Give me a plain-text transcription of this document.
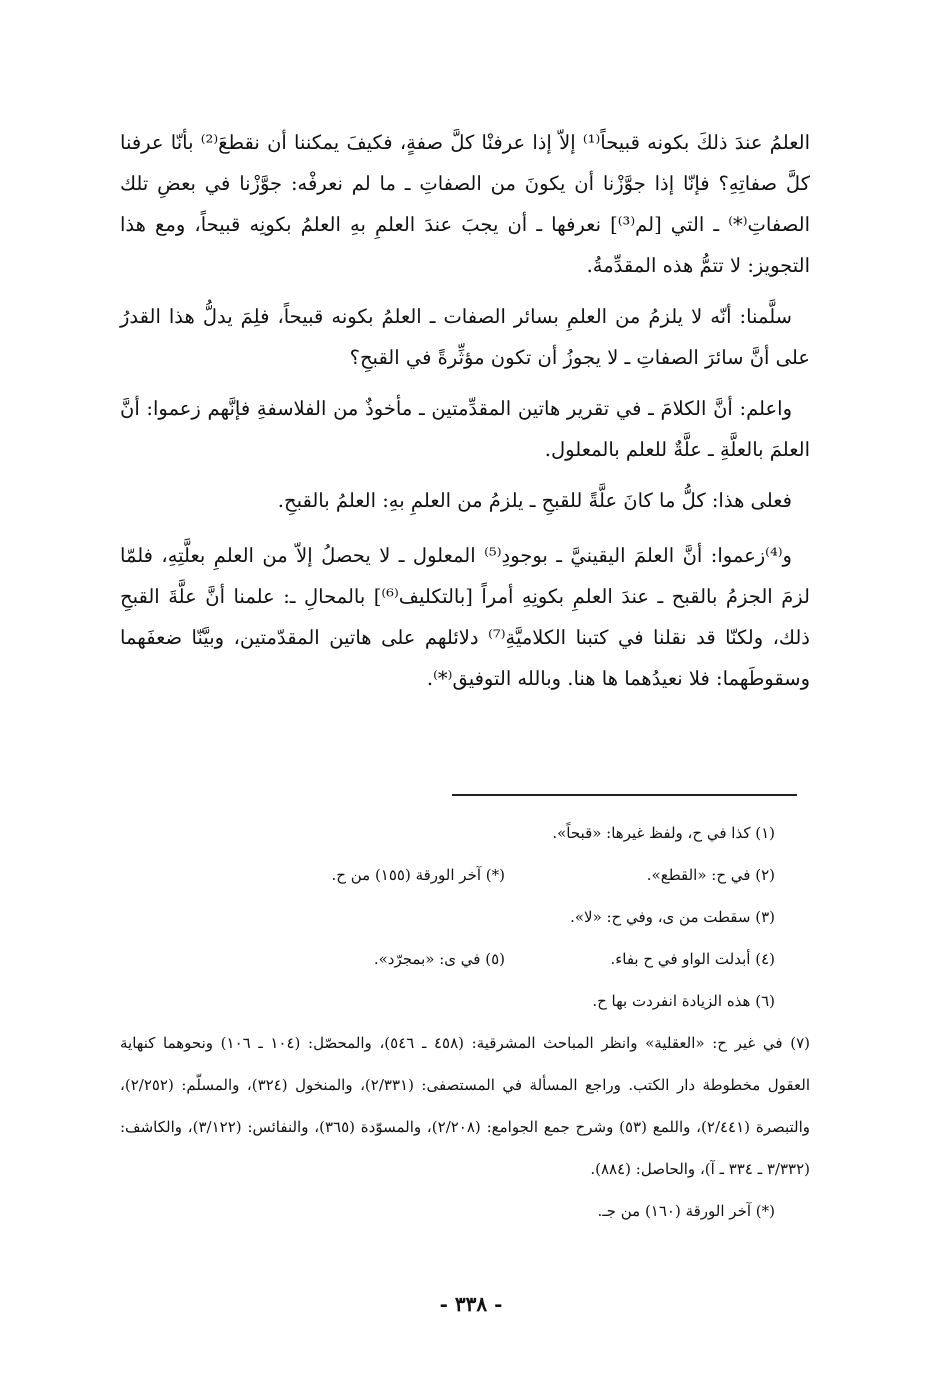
العلمُ عندَ ذلكَ بكونه قبيحاً⁽¹⁾ إلاّ إذا عرفنْا كلَّ صفةٍ، فكيفَ يمكننا أن نقطعَ⁽²⁾ بأنّا عرفنا كلَّ صفاتِهِ؟ فإنّا إذا جوَّزْنا أن يكونَ من الصفاتِ ـ ما لم نعرفْه: جوَّزْنا في بعضِ تلك الصفاتِ⁽*⁾ ـ التي [لم⁽³⁾] نعرفها ـ أن يجبَ عندَ العلمِ بهِ العلمُ بكونِه قبيحاً، ومع هذا التجويز: لا تتمُّ هذه المقدِّمةُ.

سلَّمنا: أنّه لا يلزمُ من العلمِ بسائر الصفات ـ العلمُ بكونه قبيحاً، فلِمَ يدلُّ هذا القدرُ على أنَّ سائرَ الصفاتِ ـ لا يجوزُ أن تكون مؤثِّرةً في القبحِ؟

واعلم: أنَّ الكلامَ ـ في تقرير هاتين المقدِّمتين ـ مأخوذٌ من الفلاسفةِ فإنَّهم زعموا: أنَّ العلمَ بالعلَّةِ ـ علَّةٌ للعلم بالمعلول.

فعلى هذا: كلُّ ما كانَ علَّةً للقبحِ ـ يلزمُ من العلمِ بهِ: العلمُ بالقبحِ.

و⁽⁴⁾زعموا: أنَّ العلمَ اليقينيَّ ـ بوجودِ⁽⁵⁾ المعلول ـ لا يحصلُ إلاّ من العلمِ بعلَّتِهِ، فلمّا لزمَ الجزمُ بالقبح ـ عندَ العلمِ بكونِهِ أمراً [بالتكليف⁽⁶⁾] بالمحالِ ـ: علمنا أنَّ علَّةَ القبحِ ذلك، ولكنّا قد نقلنا في كتبنا الكلاميَّةِ⁽⁷⁾ دلائلهم على هاتين المقدّمتين، وبيَّنّا ضعفَهما وسقوطَهما: فلا نعيدُهما ها هنا. وبالله التوفيق⁽*⁾.

(١) كذا في ح، ولفظ غيرها: «قبحاً».
(٢) في ح: «القطع».
(*) آخر الورقة (١٥٥) من ح.
(٣) سقطت من ى، وفي ح: «لا».
(٤) أبدلت الواو في ح بفاء.
(٥) في ى: «بمجرّد».
(٦) هذه الزيادة انفردت بها ح.
(٧) في غير ح: «العقلية» وانظر المباحث المشرقية: (٤٥٨ ـ ٥٤٦)، والمحصّل: (١٠٤ ـ ١٠٦) ونحوهما كنهاية العقول مخطوطة دار الكتب. وراجع المسألة في المستصفى: (٢/٣٣١)، والمنخول (٣٢٤)، والمسلّم: (٢/٢٥٢)، والتبصرة (٢/٤٤١)، واللمع (٥٣) وشرح جمع الجوامع: (٢/٢٠٨)، والمسوّدة (٣٦٥)، والنفائس: (٣/١٢٢)، والكاشف: (٣/٣٣٢ ـ ٣٣٤ ـ آ)، والحاصل: (٨٨٤).
(*) آخر الورقة (١٦٠) من جـ.
- ٣٣٨ -
